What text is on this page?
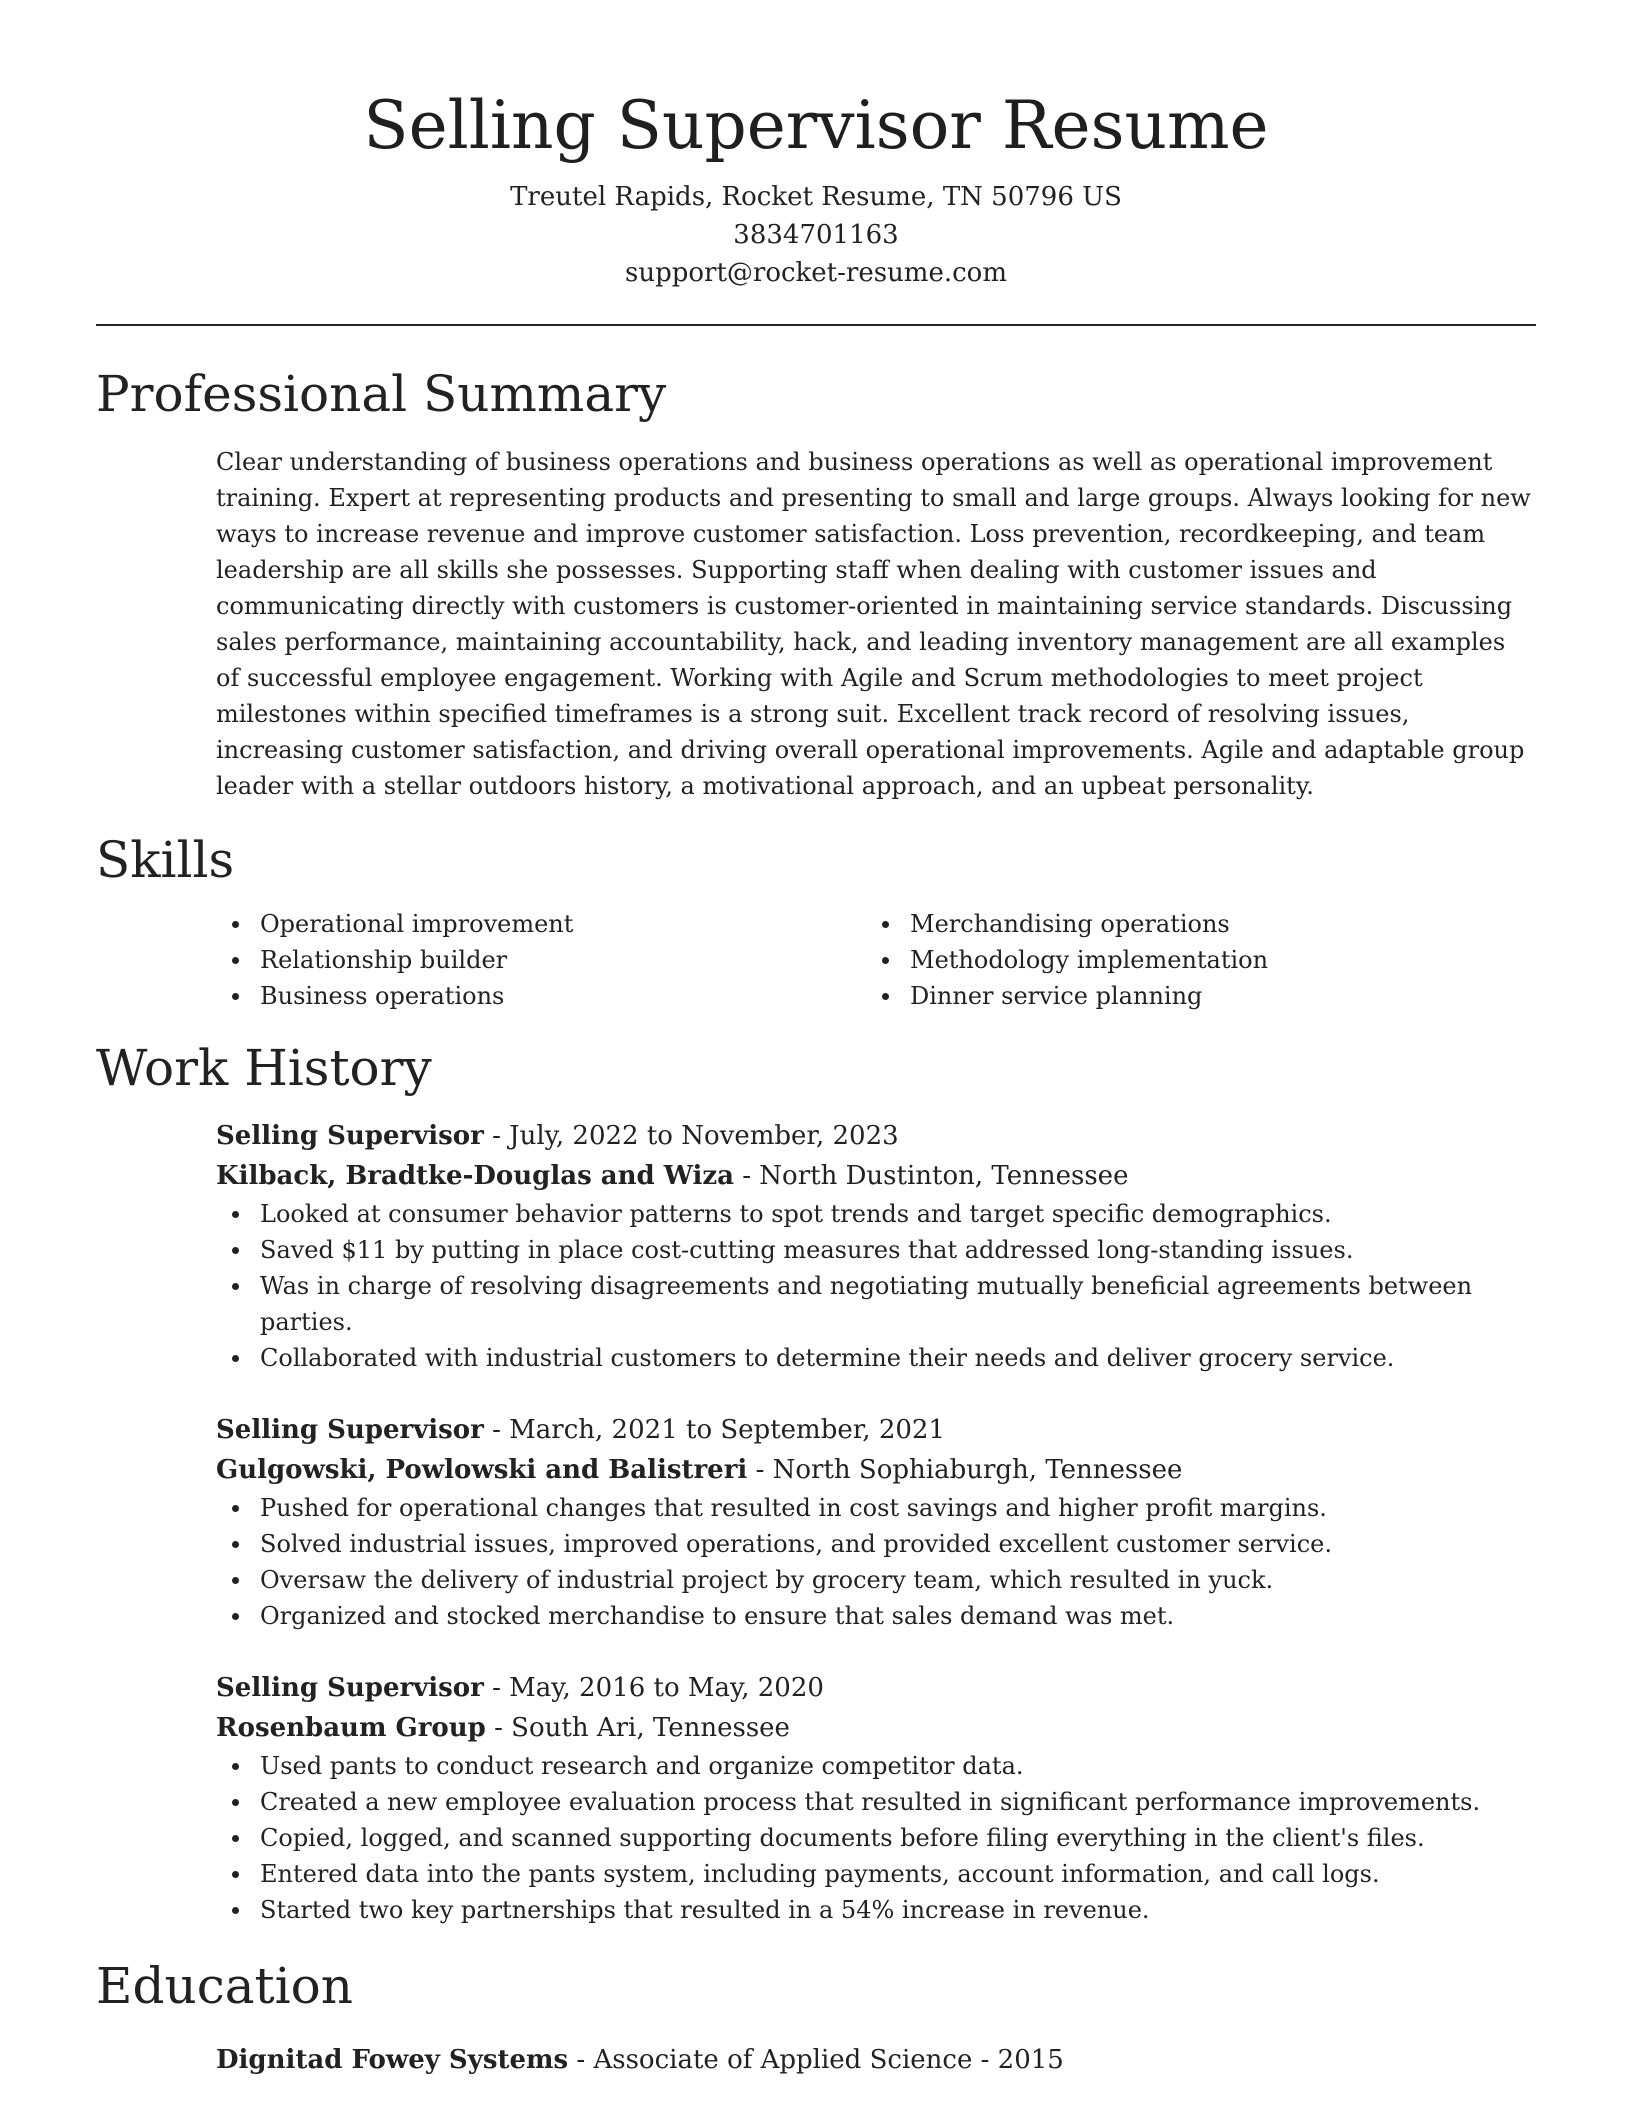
Selling Supervisor Resume

Treutel Rapids, Rocket Resume, TN 50796 US

3834701163

support@rocket-resume.com

Professional Summary

Clear understanding of business operations and business operations as well as operational improvement training. Expert at representing products and presenting to small and large groups. Always looking for new ways to increase revenue and improve customer satisfaction. Loss prevention, recordkeeping, and team leadership are all skills she possesses. Supporting staff when dealing with customer issues and communicating directly with customers is customer-oriented in maintaining service standards. Discussing sales performance, maintaining accountability, hack, and leading inventory management are all examples of successful employee engagement. Working with Agile and Scrum methodologies to meet project milestones within specified timeframes is a strong suit. Excellent track record of resolving issues, increasing customer satisfaction, and driving overall operational improvements. Agile and adaptable group leader with a stellar outdoors history, a motivational approach, and an upbeat personality.

Skills
Operational improvement
Relationship builder
Business operations
Merchandising operations
Methodology implementation
Dinner service planning
Work History

Selling Supervisor - July, 2022 to November, 2023

Kilback, Bradtke-Douglas and Wiza - North Dustinton, Tennessee

Looked at consumer behavior patterns to spot trends and target specific demographics.
Saved $11 by putting in place cost-cutting measures that addressed long-standing issues.
Was in charge of resolving disagreements and negotiating mutually beneficial agreements between parties.
Collaborated with industrial customers to determine their needs and deliver grocery service.

Selling Supervisor - March, 2021 to September, 2021

Gulgowski, Powlowski and Balistreri - North Sophiaburgh, Tennessee

Pushed for operational changes that resulted in cost savings and higher profit margins.
Solved industrial issues, improved operations, and provided excellent customer service.
Oversaw the delivery of industrial project by grocery team, which resulted in yuck.
Organized and stocked merchandise to ensure that sales demand was met.

Selling Supervisor - May, 2016 to May, 2020

Rosenbaum Group - South Ari, Tennessee

Used pants to conduct research and organize competitor data.
Created a new employee evaluation process that resulted in significant performance improvements.
Copied, logged, and scanned supporting documents before filing everything in the client's files.
Entered data into the pants system, including payments, account information, and call logs.
Started two key partnerships that resulted in a 54% increase in revenue.
Education

Dignitad Fowey Systems - Associate of Applied Science - 2015
